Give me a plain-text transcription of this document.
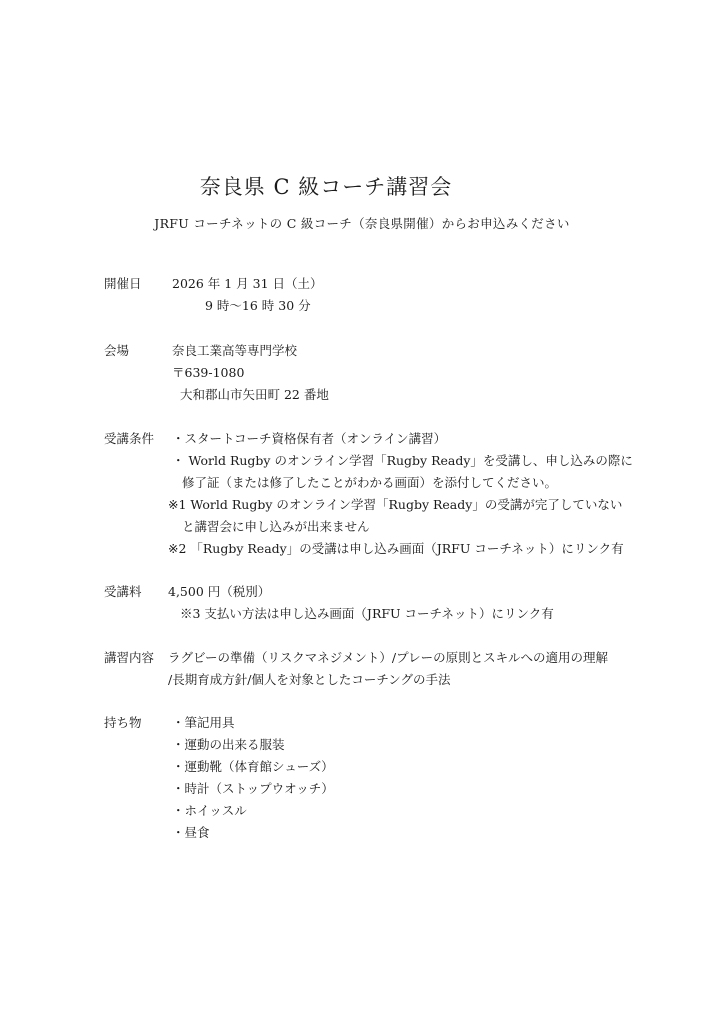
奈良県 C 級コーチ講習会
JRFU コーチネットの C 級コーチ（奈良県開催）からお申込みください
開催日 2026 年 1 月 31 日（土）
9 時〜16 時 30 分
会場	奈良工業高等専門学校
〒639-1080
大和郡山市矢田町 22 番地
受講条件 ・スタートコーチ資格保有者（オンライン講習）
・ World Rugby のオンライン学習「Rugby Ready」を受講し、申し込みの際に
修了証（または修了したことがわかる画面）を添付してください。
※1 World Rugby のオンライン学習「Rugby Ready」の受講が完了していない
と講習会に申し込みが出来ません
※2 「Rugby Ready」の受講は申し込み画面（JRFU コーチネット）にリンク有
受講料 4,500 円（税別）
※3 支払い方法は申し込み画面（JRFU コーチネット）にリンク有
講習内容 ラグビーの準備（リスクマネジメント）/プレーの原則とスキルへの適用の理解
/長期育成方針/個人を対象としたコーチングの手法
持ち物 ・筆記用具
・運動の出来る服装
・運動靴（体育館シューズ）
・時計（ストップウオッチ）
・ホイッスル
・昼食
